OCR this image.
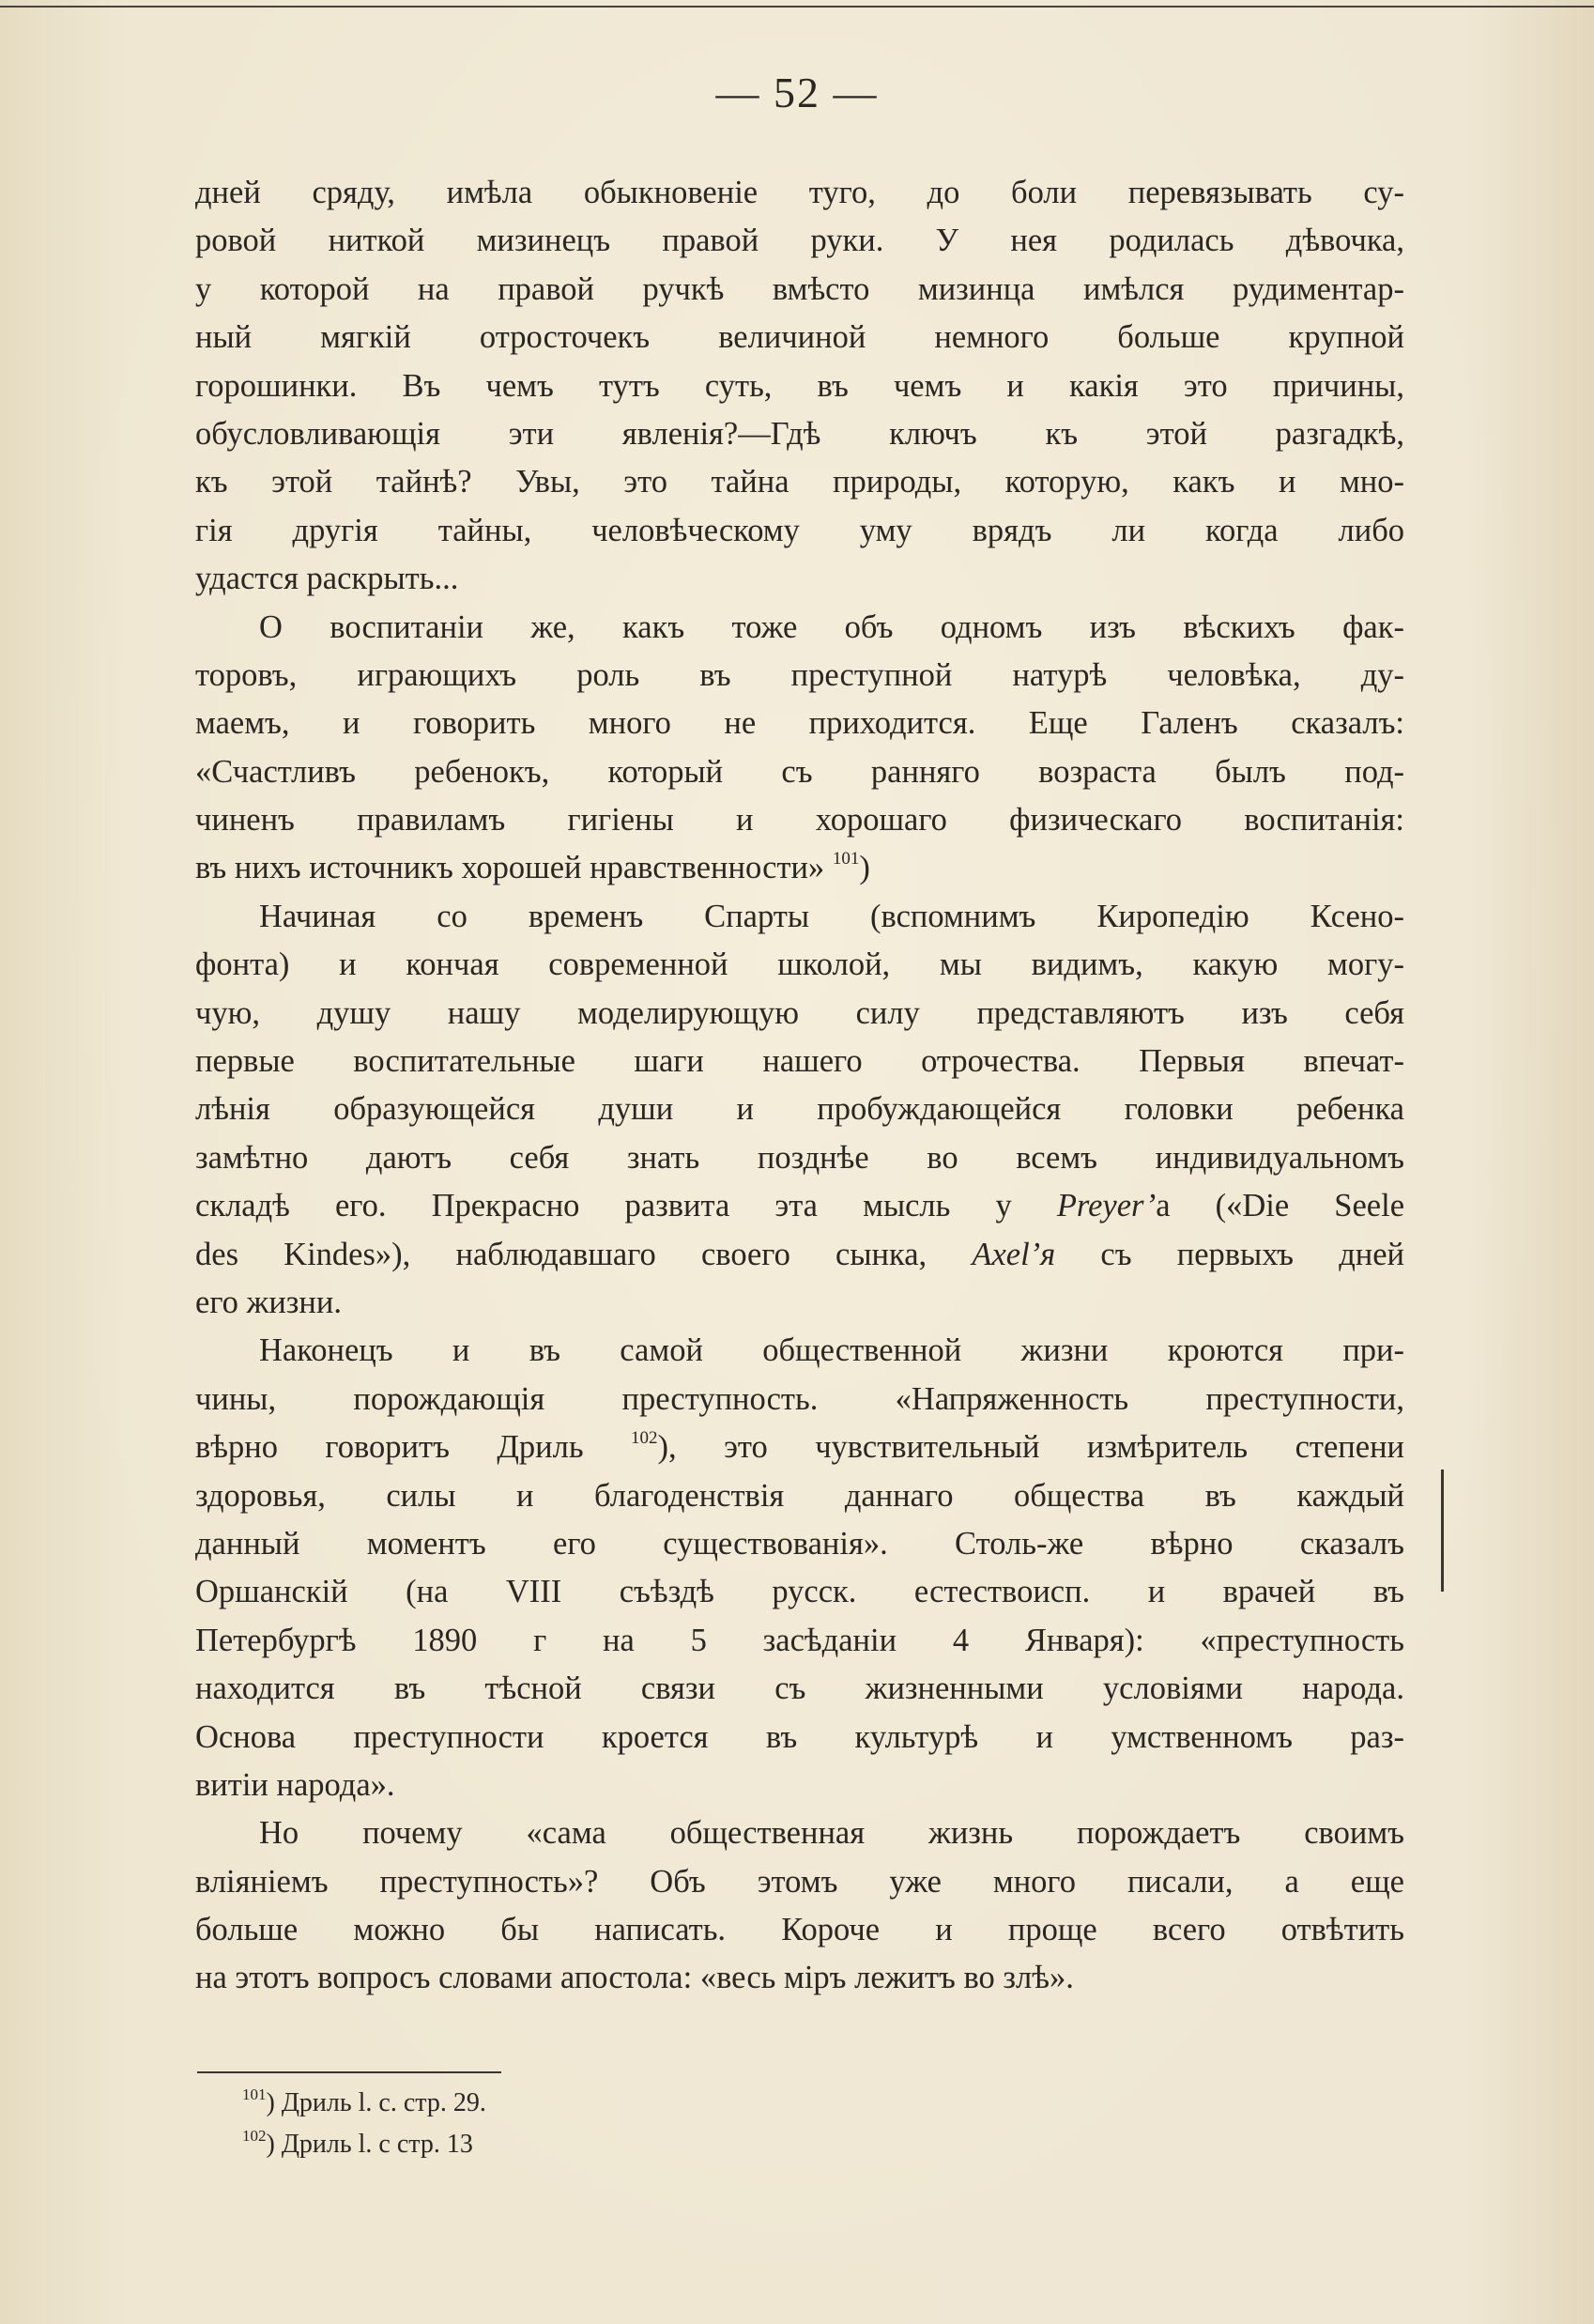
— 52 —
дней сряду, имѣла обыкновенiе туго, до боли перевязывать су-
ровой ниткой мизинецъ правой руки. У нея родилась дѣвочка,
у которой на правой ручкѣ вмѣсто мизинца имѣлся рудиментар-
ный мягкiй отросточекъ величиной немного больше крупной
горошинки. Въ чемъ тутъ суть, въ чемъ и какiя это причины,
обусловливающiя эти явленiя?—Гдѣ ключъ къ этой разгадкѣ,
къ этой тайнѣ? Увы, это тайна природы, которую, какъ и мно-
гiя другiя тайны, человѣческому уму врядъ ли когда либо
удастся раскрыть...
О воспитанiи же, какъ тоже объ одномъ изъ вѣскихъ фак-
торовъ, играющихъ роль въ преступной натурѣ человѣка, ду-
маемъ, и говорить много не приходится. Еще Галенъ сказалъ:
«Счастливъ ребенокъ, который съ ранняго возраста былъ под-
чиненъ правиламъ гигiены и хорошаго физическаго воспитанiя:
въ нихъ источникъ хорошей нравственности» $^{101}$)
Начиная со временъ Спарты (вспомнимъ Киропедiю Ксено-
фонта) и кончая современной школой, мы видимъ, какую могу-
чую, душу нашу моделирующую силу представляютъ изъ себя
первые воспитательные шаги нашего отрочества. Первыя впечат-
лѣнiя образующейся души и пробуждающейся головки ребенка
замѣтно даютъ себя знать позднѣе во всемъ индивидуальномъ
складѣ его. Прекрасно развита эта мысль у Preyer’а («Die Seele
des Kindes»), наблюдавшаго своего сынка, Axel’я съ первыхъ дней
его жизни.
Наконецъ и въ самой общественной жизни кроются при-
чины, порождающiя преступность. «Напряженность преступности,
вѣрно говоритъ Дриль $^{102}$), это чувствительный измѣритель степени
здоровья, силы и благоденствiя даннаго общества въ каждый
данный моментъ его существованiя». Столь-же вѣрно сказалъ
Оршанскiй (на VIII съѣздѣ русск. естествоисп. и врачей въ
Петербургѣ 1890 г на 5 засѣданiи 4 Января): «преступность
находится въ тѣсной связи съ жизненными условiями народа.
Основа преступности кроется въ культурѣ и умственномъ раз-
витiи народа».
Но почему «сама общественная жизнь порождаетъ своимъ
влiянiемъ преступность»? Объ этомъ уже много писали, а еще
больше можно бы написать. Короче и проще всего отвѣтить
на этотъ вопросъ словами апостола: «весь мiръ лежитъ во злѣ».
$^{101}$) Дриль l. c. стр. 29.
$^{102}$) Дриль l. c стр. 13
